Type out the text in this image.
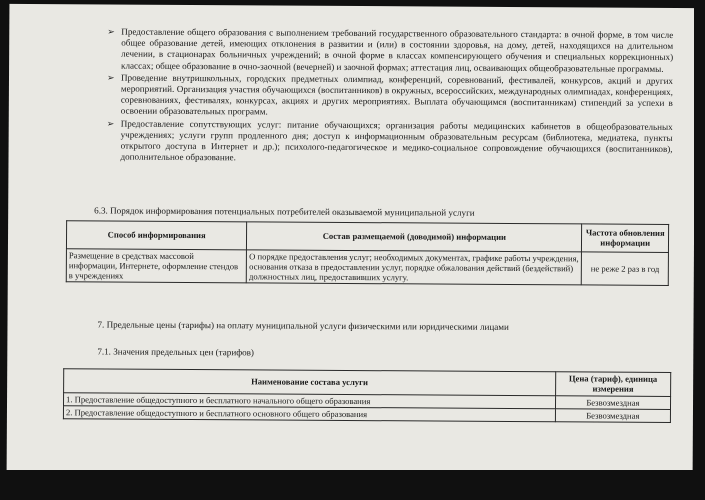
➢ Предоставление общего образования с выполнением требований государственного образовательного стандарта: в очной форме, в том числе общее образование детей, имеющих отклонения в развитии и (или) в состоянии здоровья, на дому, детей, находящихся на длительном лечении, в стационарах больничных учреждений; в очной форме в классах компенсирующего обучения и специальных коррекционных) классах; общее образование в очно-заочной (вечерней) и заочной формах; аттестация лиц, осваивающих общеобразовательные программы.
➢ Проведение внутришкольных, городских предметных олимпиад, конференций, соревнований, фестивалей, конкурсов, акций и других мероприятий. Организация участия обучающихся (воспитанников) в окружных, всероссийских, международных олимпиадах, конференциях, соревнованиях, фестивалях, конкурсах, акциях и других мероприятиях. Выплата обучающимся (воспитанникам) стипендий за успехи в освоении образовательных программ.
➢ Предоставление сопутствующих услуг: питание обучающихся; организация работы медицинских кабинетов в общеобразовательных учреждениях; услуги групп продленного дня; доступ к информационным образовательным ресурсам (библиотека, медиатека, пункты открытого доступа в Интернет и др.); психолого-педагогическое и медико-социальное сопровождение обучающихся (воспитанников), дополнительное образование.
6.3. Порядок информирования потенциальных потребителей оказываемой муниципальной услуги
Способ информирования	Состав размещаемой (доводимой) информации	Частота обновления информации
Размещение в средствах массовой информации, Интернете, оформление стендов в учреждениях	О порядке предоставления услуг; необходимых документах, графике работы учреждения, основания отказа в предоставлении услуг, порядке обжалования действий (бездействий) должностных лиц, предоставивших услугу.	не реже 2 раз в год
7. Предельные цены (тарифы) на оплату муниципальной услуги физическими или юридическими лицами
7.1. Значения предельных цен (тарифов)
Наименование состава услуги	Цена (тариф), единица измерения
1. Предоставление общедоступного и бесплатного начального общего образования	Безвозмездная
2. Предоставление общедоступного и бесплатного основного общего образования	Безвозмездная
